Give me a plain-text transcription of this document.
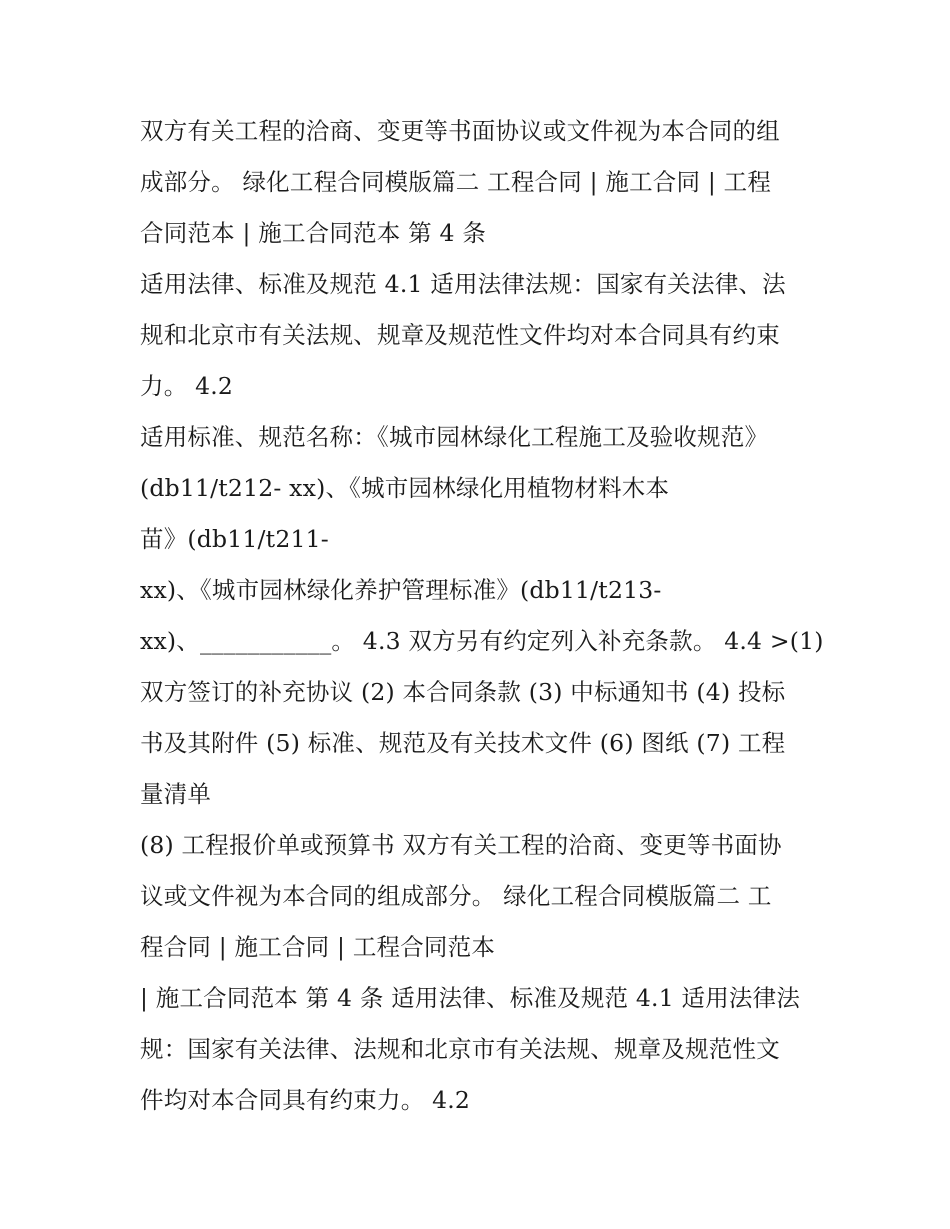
双方有关工程的洽商、变更等书面协议或文件视为本合同的组
成部分。 绿化工程合同模版篇二 工程合同 | 施工合同 | 工程
合同范本 | 施工合同范本 第 4 条
适用法律、标准及规范 4.1 适用法律法规：国家有关法律、法
规和北京市有关法规、规章及规范性文件均对本合同具有约束
力。 4.2
适用标准、规范名称：《城市园林绿化工程施工及验收规范》
(db11/t212- xx)、《城市园林绿化用植物材料木本
苗》(db11/t211-
xx)、《城市园林绿化养护管理标准》(db11/t213-
xx)、___________。 4.3 双方另有约定列入补充条款。 4.4 >(1)
双方签订的补充协议 (2) 本合同条款 (3) 中标通知书 (4) 投标
书及其附件 (5) 标准、规范及有关技术文件 (6) 图纸 (7) 工程
量清单
(8) 工程报价单或预算书 双方有关工程的洽商、变更等书面协
议或文件视为本合同的组成部分。 绿化工程合同模版篇二 工
程合同 | 施工合同 | 工程合同范本
| 施工合同范本 第 4 条 适用法律、标准及规范 4.1 适用法律法
规：国家有关法律、法规和北京市有关法规、规章及规范性文
件均对本合同具有约束力。 4.2
